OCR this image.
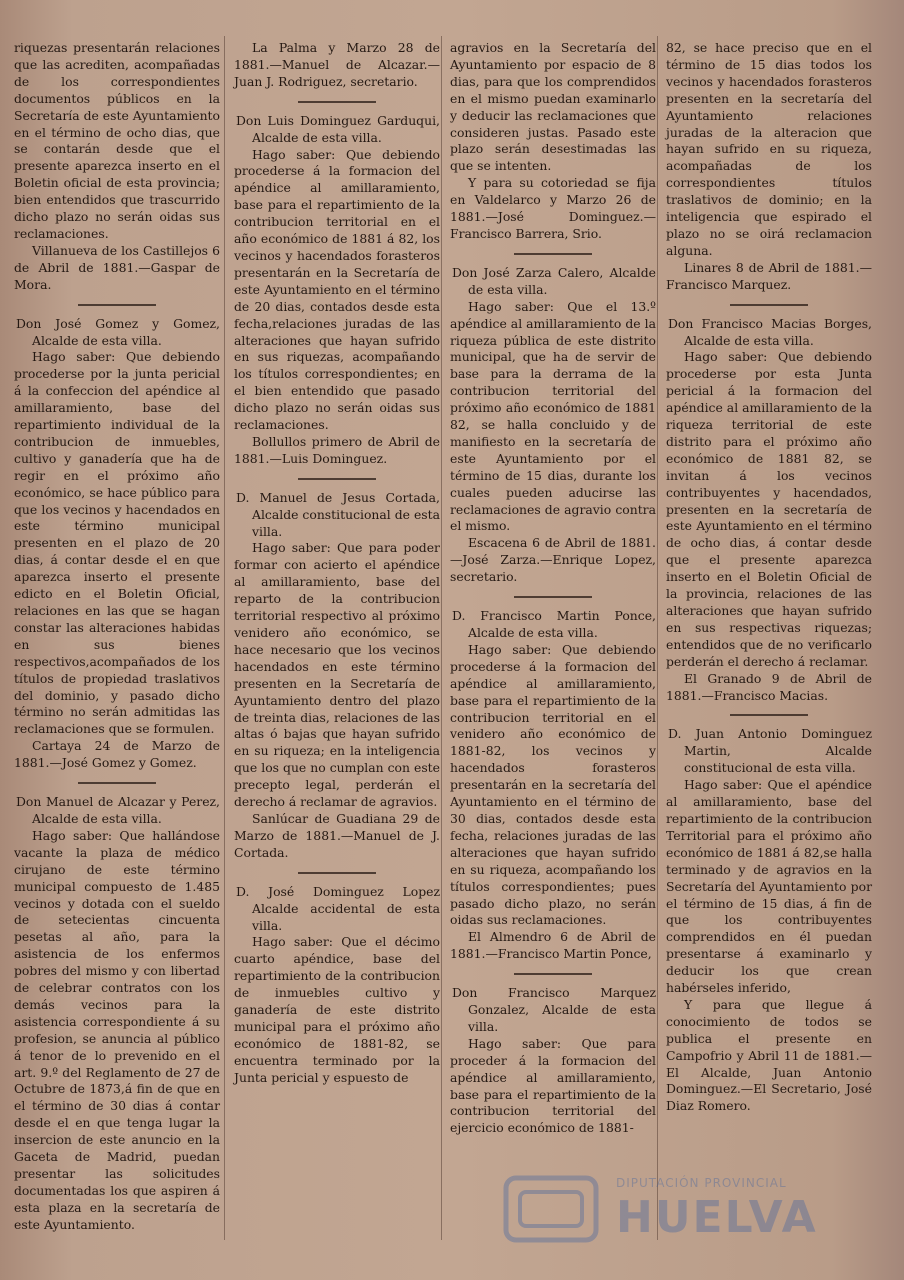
riquezas presentarán relaciones que las acrediten, acompañadas de los correspondientes documentos públicos en la Secretaría de este Ayuntamiento en el término de ocho dias, que se contarán desde que el presente aparezca inserto en el Boletin oficial de esta provincia; bien entendidos que trascurrido dicho plazo no serán oidas sus reclamaciones.

Villanueva de los Castillejos 6 de Abril de 1881.—Gaspar de Mora.

Don José Gomez y Gomez, Alcalde de esta villa.

Hago saber: Que debiendo procederse por la junta pericial á la confeccion del apéndice al amillaramiento, base del repartimiento individual de la contribucion de inmuebles, cultivo y ganadería que ha de regir en el próximo año económico, se hace público para que los vecinos y hacendados en este término municipal presenten en el plazo de 20 dias, á contar desde el en que aparezca inserto el presente edicto en el Boletin Oficial, relaciones en las que se hagan constar las alteraciones habidas en sus bienes respectivos,acompañados de los títulos de propiedad traslativos del dominio, y pasado dicho término no serán admitidas las reclamaciones que se formulen.

Cartaya 24 de Marzo de 1881.—José Gomez y Gomez.

Don Manuel de Alcazar y Perez, Alcalde de esta villa.

Hago saber: Que hallándose vacante la plaza de médico cirujano de este término municipal compuesto de 1.485 vecinos y dotada con el sueldo de setecientas cincuenta pesetas al año, para la asistencia de los enfermos pobres del mismo y con libertad de celebrar contratos con los demás vecinos para la asistencia correspondiente á su profesion, se anuncia al público á tenor de lo prevenido en el art. 9.º del Reglamento de 27 de Octubre de 1873,á fin de que en el término de 30 dias á contar desde el en que tenga lugar la insercion de este anuncio en la Gaceta de Madrid, puedan presentar las solicitudes documentadas los que aspiren á esta plaza en la secretaría de este Ayuntamiento.

La Palma y Marzo 28 de 1881.—Manuel de Alcazar.—Juan J. Rodriguez, secretario.

Don Luis Dominguez Garduqui, Alcalde de esta villa.

Hago saber: Que debiendo procederse á la formacion del apéndice al amillaramiento, base para el repartimiento de la contribucion territorial en el año económico de 1881 á 82, los vecinos y hacendados forasteros presentarán en la Secretaría de este Ayuntamiento en el término de 20 dias, contados desde esta fecha,relaciones juradas de las alteraciones que hayan sufrido en sus riquezas, acompañando los títulos correspondientes; en el bien entendido que pasado dicho plazo no serán oidas sus reclamaciones.

Bollullos primero de Abril de 1881.—Luis Dominguez.

D. Manuel de Jesus Cortada, Alcalde constitucional de esta villa.

Hago saber: Que para poder formar con acierto el apéndice al amillaramiento, base del reparto de la contribucion territorial respectivo al próximo venidero año económico, se hace necesario que los vecinos hacendados en este término presenten en la Secretaría de Ayuntamiento dentro del plazo de treinta dias, relaciones de las altas ó bajas que hayan sufrido en su riqueza; en la inteligencia que los que no cumplan con este precepto legal, perderán el derecho á reclamar de agravios.

Sanlúcar de Guadiana 29 de Marzo de 1881.—Manuel de J. Cortada.

D. José Dominguez Lopez Alcalde accidental de esta villa.

Hago saber: Que el décimo cuarto apéndice, base del repartimiento de la contribucion de inmuebles cultivo y ganadería de este distrito municipal para el próximo año económico de 1881-82, se encuentra terminado por la Junta pericial y espuesto de

agravios en la Secretaría del Ayuntamiento por espacio de 8 dias, para que los comprendidos en el mismo puedan examinarlo y deducir las reclamaciones que consideren justas. Pasado este plazo serán desestimadas las que se intenten.

Y para su cotoriedad se fija en Valdelarco y Marzo 26 de 1881.—José Dominguez.—Francisco Barrera, Srio.

Don José Zarza Calero, Alcalde de esta villa.

Hago saber: Que el 13.º apéndice al amillaramiento de la riqueza pública de este distrito municipal, que ha de servir de base para la derrama de la contribucion territorial del próximo año económico de 1881 82, se halla concluido y de manifiesto en la secretaría de este Ayuntamiento por el término de 15 dias, durante los cuales pueden aducirse las reclamaciones de agravio contra el mismo.

Escacena 6 de Abril de 1881.—José Zarza.—Enrique Lopez, secretario.

D. Francisco Martin Ponce, Alcalde de esta villa.

Hago saber: Que debiendo procederse á la formacion del apéndice al amillaramiento, base para el repartimiento de la contribucion territorial en el venidero año económico de 1881-82, los vecinos y hacendados forasteros presentarán en la secretaría del Ayuntamiento en el término de 30 dias, contados desde esta fecha, relaciones juradas de las alteraciones que hayan sufrido en su riqueza, acompañando los títulos correspondientes; pues pasado dicho plazo, no serán oidas sus reclamaciones.

El Almendro 6 de Abril de 1881.—Francisco Martin Ponce,

Don Francisco Marquez Gonzalez, Alcalde de esta villa.

Hago saber: Que para proceder á la formacion del apéndice al amillaramiento, base para el repartimiento de la contribucion territorial del ejercicio económico de 1881-

82, se hace preciso que en el término de 15 dias todos los vecinos y hacendados forasteros presenten en la secretaría del Ayuntamiento relaciones juradas de la alteracion que hayan sufrido en su riqueza, acompañadas de los correspondientes títulos traslativos de dominio; en la inteligencia que espirado el plazo no se oirá reclamacion alguna.

Linares 8 de Abril de 1881.—Francisco Marquez.

Don Francisco Macias Borges, Alcalde de esta villa.

Hago saber: Que debiendo procederse por esta Junta pericial á la formacion del apéndice al amillaramiento de la riqueza territorial de este distrito para el próximo año económico de 1881 82, se invitan á los vecinos contribuyentes y hacendados, presenten en la secretaría de este Ayuntamiento en el término de ocho dias, á contar desde que el presente aparezca inserto en el Boletin Oficial de la provincia, relaciones de las alteraciones que hayan sufrido en sus respectivas riquezas; entendidos que de no verificarlo perderán el derecho á reclamar.

El Granado 9 de Abril de 1881.—Francisco Macias.

D. Juan Antonio Dominguez Martin, Alcalde constitucional de esta villa.

Hago saber: Que el apéndice al amillaramiento, base del repartimiento de la contribucion Territorial para el próximo año económico de 1881 á 82,se halla terminado y de agravios en la Secretaría del Ayuntamiento por el término de 15 dias, á fin de que los contribuyentes comprendidos en él puedan presentarse á examinarlo y deducir los que crean habérseles inferido,

Y para que llegue á conocimiento de todos se publica el presente en Campofrio y Abril 11 de 1881.—El Alcalde, Juan Antonio Dominguez.—El Secretario, José Diaz Romero.

DIPUTACIÓN PROVINCIAL
HUELVA
